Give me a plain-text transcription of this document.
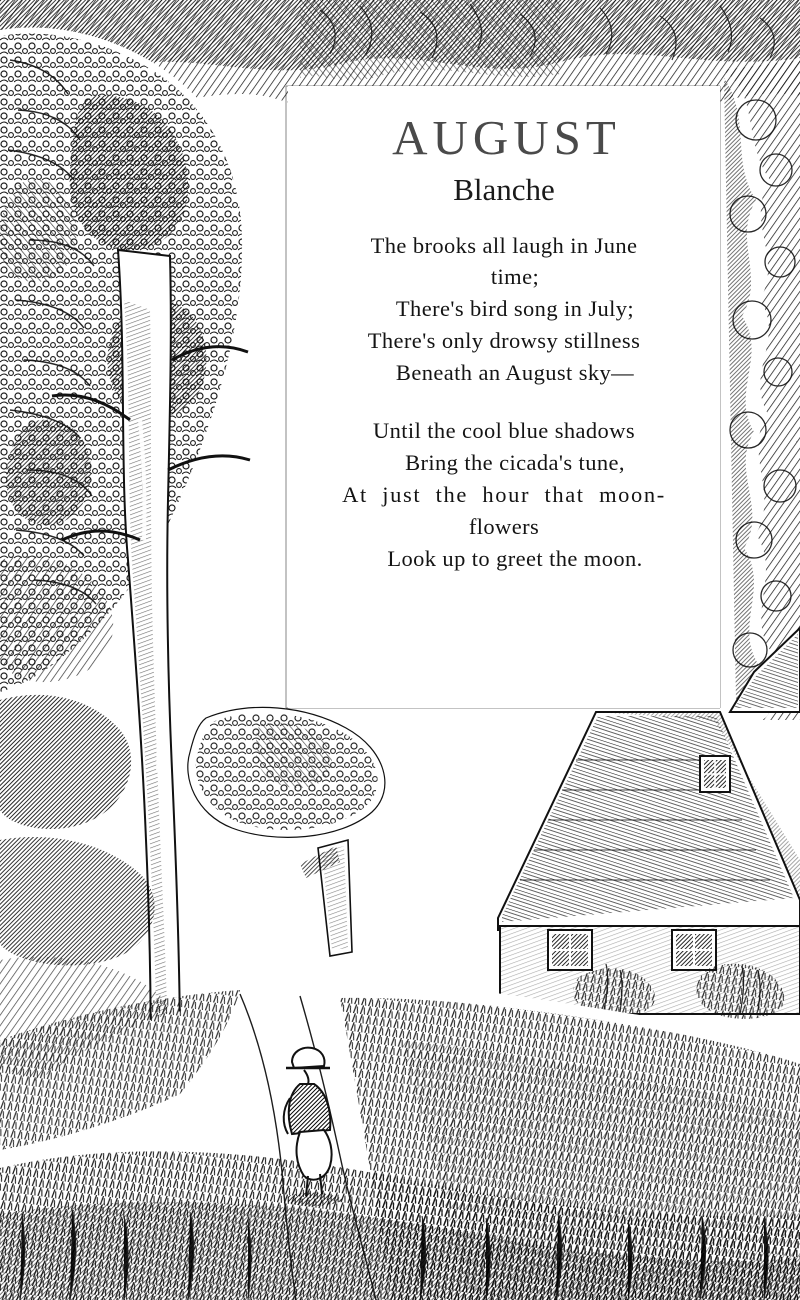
AUGUST
Blanche
The brooks all laugh in June
time;
There's bird song in July;
There's only drowsy stillness
Beneath an August sky—
Until the cool blue shadows
Bring the cicada's tune,
At  just  the  hour  that  moon-
flowers
Look up to greet the moon.
